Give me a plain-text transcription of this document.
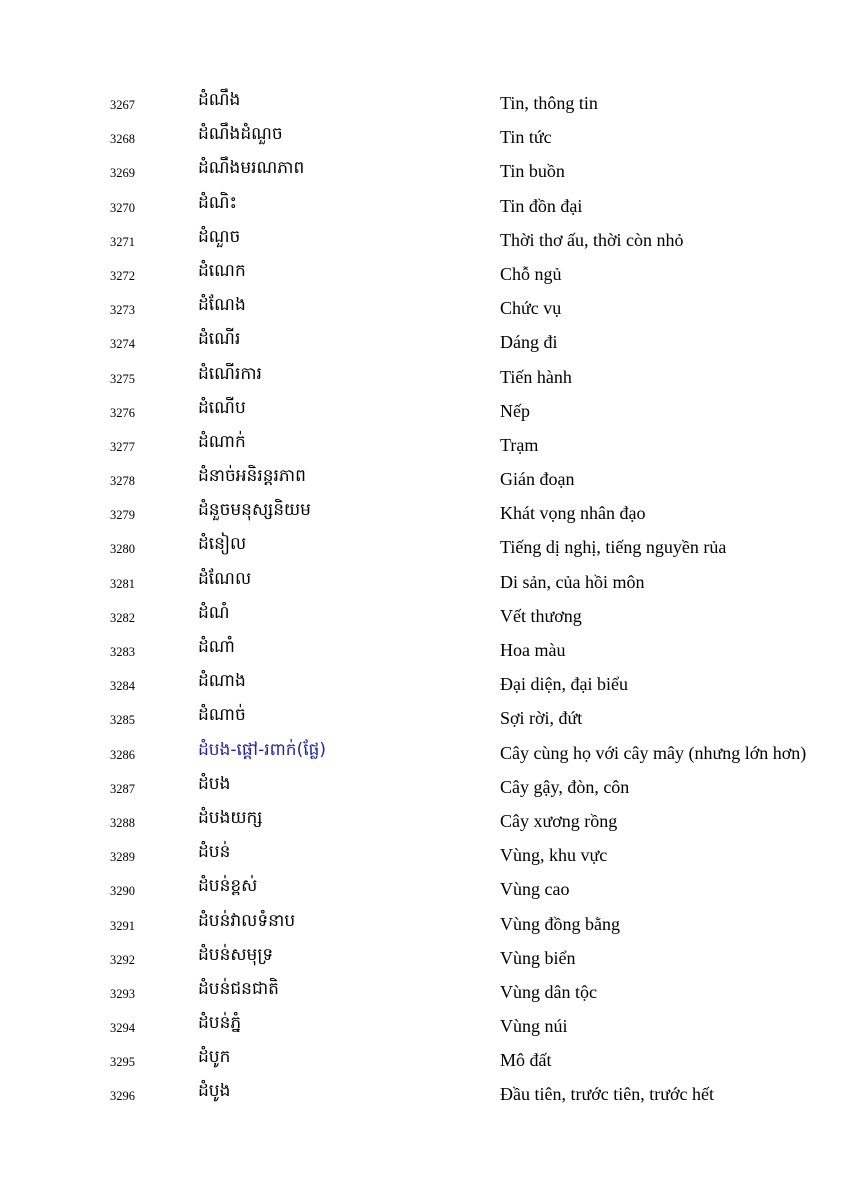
3267	ដំណឹង	Tin, thông tin
3268	ដំណឹងដំណួច	Tin tức
3269	ដំណឹងមរណភាព	Tin buồn
3270	ដំណិះ	Tin đồn đại
3271	ដំណួច	Thời thơ ấu, thời còn nhỏ
3272	ដំណេក	Chỗ ngủ
3273	ដំណែង	Chức vụ
3274	ដំណើរ	Dáng đi
3275	ដំណើរការ	Tiến hành
3276	ដំណើប	Nếp
3277	ដំណាក់	Trạm
3278	ដំនាច់អនិរន្តរភាព	Gián đoạn
3279	ដំនួចមនុស្សនិយម	Khát vọng nhân đạo
3280	ដំនៀល	Tiếng dị nghị, tiếng nguyền rủa
3281	ដំណែល	Di sản, của hồi môn
3282	ដំណំ	Vết thương
3283	ដំណាំ	Hoa màu
3284	ដំណាង	Đại diện, đại biểu
3285	ដំណាច់	Sợi rời, đứt
3286	ដំបង-ផ្តៅ-រពាក់(ផ្លែ)	Cây cùng họ với cây mây (nhưng lớn hơn)
3287	ដំបង	Cây gậy, đòn, côn
3288	ដំបងយក្ស	Cây xương rồng
3289	ដំបន់	Vùng, khu vực
3290	ដំបន់ខ្ពស់	Vùng cao
3291	ដំបន់វាលទំនាប	Vùng đồng bằng
3292	ដំបន់សមុទ្រ	Vùng biển
3293	ដំបន់ជនជាតិ	Vùng dân tộc
3294	ដំបន់ភ្នំ	Vùng núi
3295	ដំបូក	Mô đất
3296	ដំបូង	Đầu tiên, trước tiên, trước hết
